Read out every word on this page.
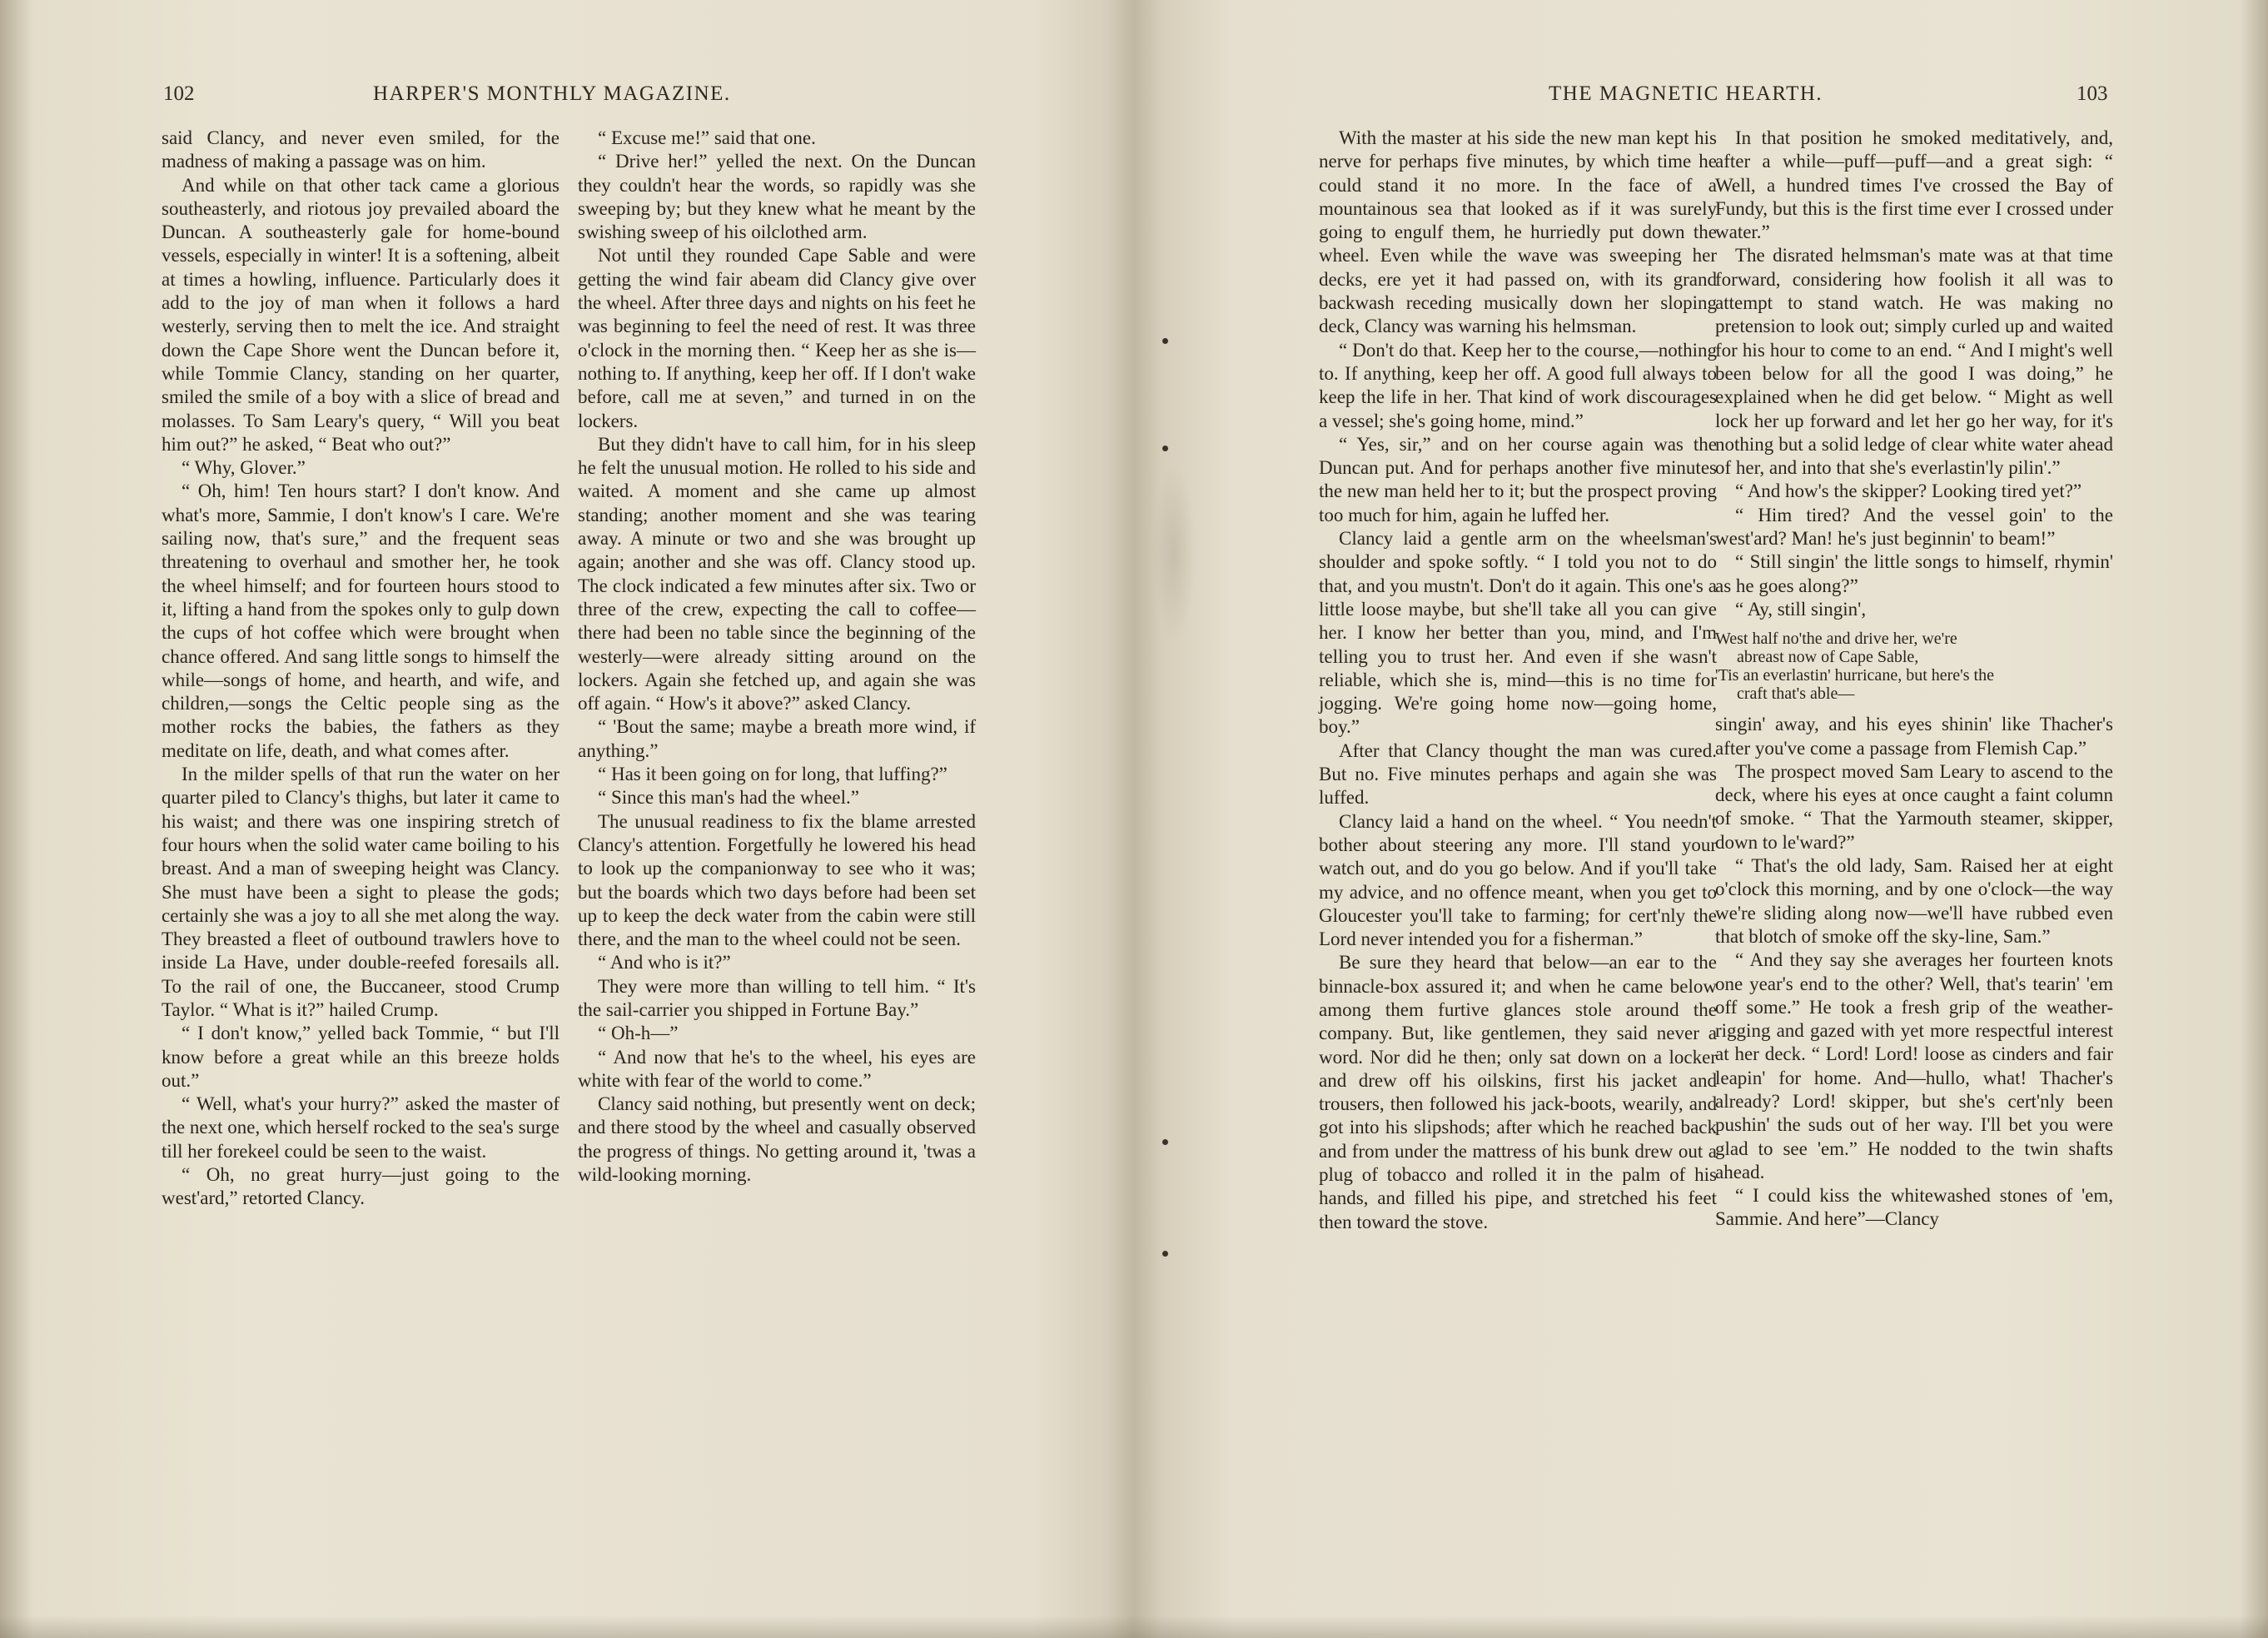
102	HARPER'S MONTHLY MAGAZINE.

said Clancy, and never even smiled, for the madness of making a passage was on him.

And while on that other tack came a glorious southeasterly, and riotous joy prevailed aboard the Duncan. A southeasterly gale for home-bound vessels, especially in winter! It is a softening, albeit at times a howling, influence. Particularly does it add to the joy of man when it follows a hard westerly, serving then to melt the ice. And straight down the Cape Shore went the Duncan before it, while Tommie Clancy, standing on her quarter, smiled the smile of a boy with a slice of bread and molasses. To Sam Leary's query, “ Will you beat him out?” he asked, “ Beat who out?”

“ Why, Glover.”

“ Oh, him! Ten hours start? I don't know. And what's more, Sammie, I don't know's I care. We're sailing now, that's sure,” and the frequent seas threatening to overhaul and smother her, he took the wheel himself; and for fourteen hours stood to it, lifting a hand from the spokes only to gulp down the cups of hot coffee which were brought when chance offered. And sang little songs to himself the while—songs of home, and hearth, and wife, and children,—songs the Celtic people sing as the mother rocks the babies, the fathers as they meditate on life, death, and what comes after.

In the milder spells of that run the water on her quarter piled to Clancy's thighs, but later it came to his waist; and there was one inspiring stretch of four hours when the solid water came boiling to his breast. And a man of sweeping height was Clancy. She must have been a sight to please the gods; certainly she was a joy to all she met along the way. They breasted a fleet of outbound trawlers hove to inside La Have, under double-reefed foresails all. To the rail of one, the Buccaneer, stood Crump Taylor. “ What is it?” hailed Crump.

“ I don't know,” yelled back Tommie, “ but I'll know before a great while an this breeze holds out.”

“ Well, what's your hurry?” asked the master of the next one, which herself rocked to the sea's surge till her forekeel could be seen to the waist.

“ Oh, no great hurry—just going to the west'ard,” retorted Clancy.

“ Excuse me!” said that one.

“ Drive her!” yelled the next. On the Duncan they couldn't hear the words, so rapidly was she sweeping by; but they knew what he meant by the swishing sweep of his oilclothed arm.

Not until they rounded Cape Sable and were getting the wind fair abeam did Clancy give over the wheel. After three days and nights on his feet he was beginning to feel the need of rest. It was three o'clock in the morning then. “ Keep her as she is—nothing to. If anything, keep her off. If I don't wake before, call me at seven,” and turned in on the lockers.

But they didn't have to call him, for in his sleep he felt the unusual motion. He rolled to his side and waited. A moment and she came up almost standing; another moment and she was tearing away. A minute or two and she was brought up again; another and she was off. Clancy stood up. The clock indicated a few minutes after six. Two or three of the crew, expecting the call to coffee—there had been no table since the beginning of the westerly—were already sitting around on the lockers. Again she fetched up, and again she was off again. “ How's it above?” asked Clancy.

“ 'Bout the same; maybe a breath more wind, if anything.”

“ Has it been going on for long, that luffing?”

“ Since this man's had the wheel.”

The unusual readiness to fix the blame arrested Clancy's attention. Forgetfully he lowered his head to look up the companionway to see who it was; but the boards which two days before had been set up to keep the deck water from the cabin were still there, and the man to the wheel could not be seen.

“ And who is it?”

They were more than willing to tell him. “ It's the sail-carrier you shipped in Fortune Bay.”

“ Oh-h—”

“ And now that he's to the wheel, his eyes are white with fear of the world to come.”

Clancy said nothing, but presently went on deck; and there stood by the wheel and casually observed the progress of things. No getting around it, 'twas a wild-looking morning.

THE MAGNETIC HEARTH.	103

With the master at his side the new man kept his nerve for perhaps five minutes, by which time he could stand it no more. In the face of a mountainous sea that looked as if it was surely going to engulf them, he hurriedly put down the wheel. Even while the wave was sweeping her decks, ere yet it had passed on, with its grand backwash receding musically down her sloping deck, Clancy was warning his helmsman.

“ Don't do that. Keep her to the course,—nothing to. If anything, keep her off. A good full always to keep the life in her. That kind of work discourages a vessel; she's going home, mind.”

“ Yes, sir,” and on her course again was the Duncan put. And for perhaps another five minutes the new man held her to it; but the prospect proving too much for him, again he luffed her.

Clancy laid a gentle arm on the wheelsman's shoulder and spoke softly. “ I told you not to do that, and you mustn't. Don't do it again. This one's a little loose maybe, but she'll take all you can give her. I know her better than you, mind, and I'm telling you to trust her. And even if she wasn't reliable, which she is, mind—this is no time for jogging. We're going home now—going home, boy.”

After that Clancy thought the man was cured. But no. Five minutes perhaps and again she was luffed.

Clancy laid a hand on the wheel. “ You needn't bother about steering any more. I'll stand your watch out, and do you go below. And if you'll take my advice, and no offence meant, when you get to Gloucester you'll take to farming; for cert'nly the Lord never intended you for a fisherman.”

Be sure they heard that below—an ear to the binnacle-box assured it; and when he came below among them furtive glances stole around the company. But, like gentlemen, they said never a word. Nor did he then; only sat down on a locker and drew off his oilskins, first his jacket and trousers, then followed his jack-boots, wearily, and got into his slipshods; after which he reached back and from under the mattress of his bunk drew out a plug of tobacco and rolled it in the palm of his hands, and filled his pipe, and stretched his feet then toward the stove.

In that position he smoked meditatively, and, after a while—puff—puff—and a great sigh: “ Well, a hundred times I've crossed the Bay of Fundy, but this is the first time ever I crossed under water.”

The disrated helmsman's mate was at that time forward, considering how foolish it all was to attempt to stand watch. He was making no pretension to look out; simply curled up and waited for his hour to come to an end. “ And I might's well been below for all the good I was doing,” he explained when he did get below. “ Might as well lock her up forward and let her go her way, for it's nothing but a solid ledge of clear white water ahead of her, and into that she's everlastin'ly pilin'.”

“ And how's the skipper? Looking tired yet?”

“ Him tired? And the vessel goin' to the west'ard? Man! he's just beginnin' to beam!”

“ Still singin' the little songs to himself, rhymin' as he goes along?”

“ Ay, still singin',

West half no'the and drive her, we're
abreast now of Cape Sable,
'Tis an everlastin' hurricane, but here's the
craft that's able—

singin' away, and his eyes shinin' like Thacher's after you've come a passage from Flemish Cap.”

The prospect moved Sam Leary to ascend to the deck, where his eyes at once caught a faint column of smoke. “ That the Yarmouth steamer, skipper, down to le'ward?”

“ That's the old lady, Sam. Raised her at eight o'clock this morning, and by one o'clock—the way we're sliding along now—we'll have rubbed even that blotch of smoke off the sky-line, Sam.”

“ And they say she averages her fourteen knots one year's end to the other? Well, that's tearin' 'em off some.” He took a fresh grip of the weather-rigging and gazed with yet more respectful interest at her deck. “ Lord! Lord! loose as cinders and fair leapin' for home. And—hullo, what! Thacher's already? Lord! skipper, but she's cert'nly been pushin' the suds out of her way. I'll bet you were glad to see 'em.” He nodded to the twin shafts ahead.

“ I could kiss the whitewashed stones of 'em, Sammie. And here”—Clancy
